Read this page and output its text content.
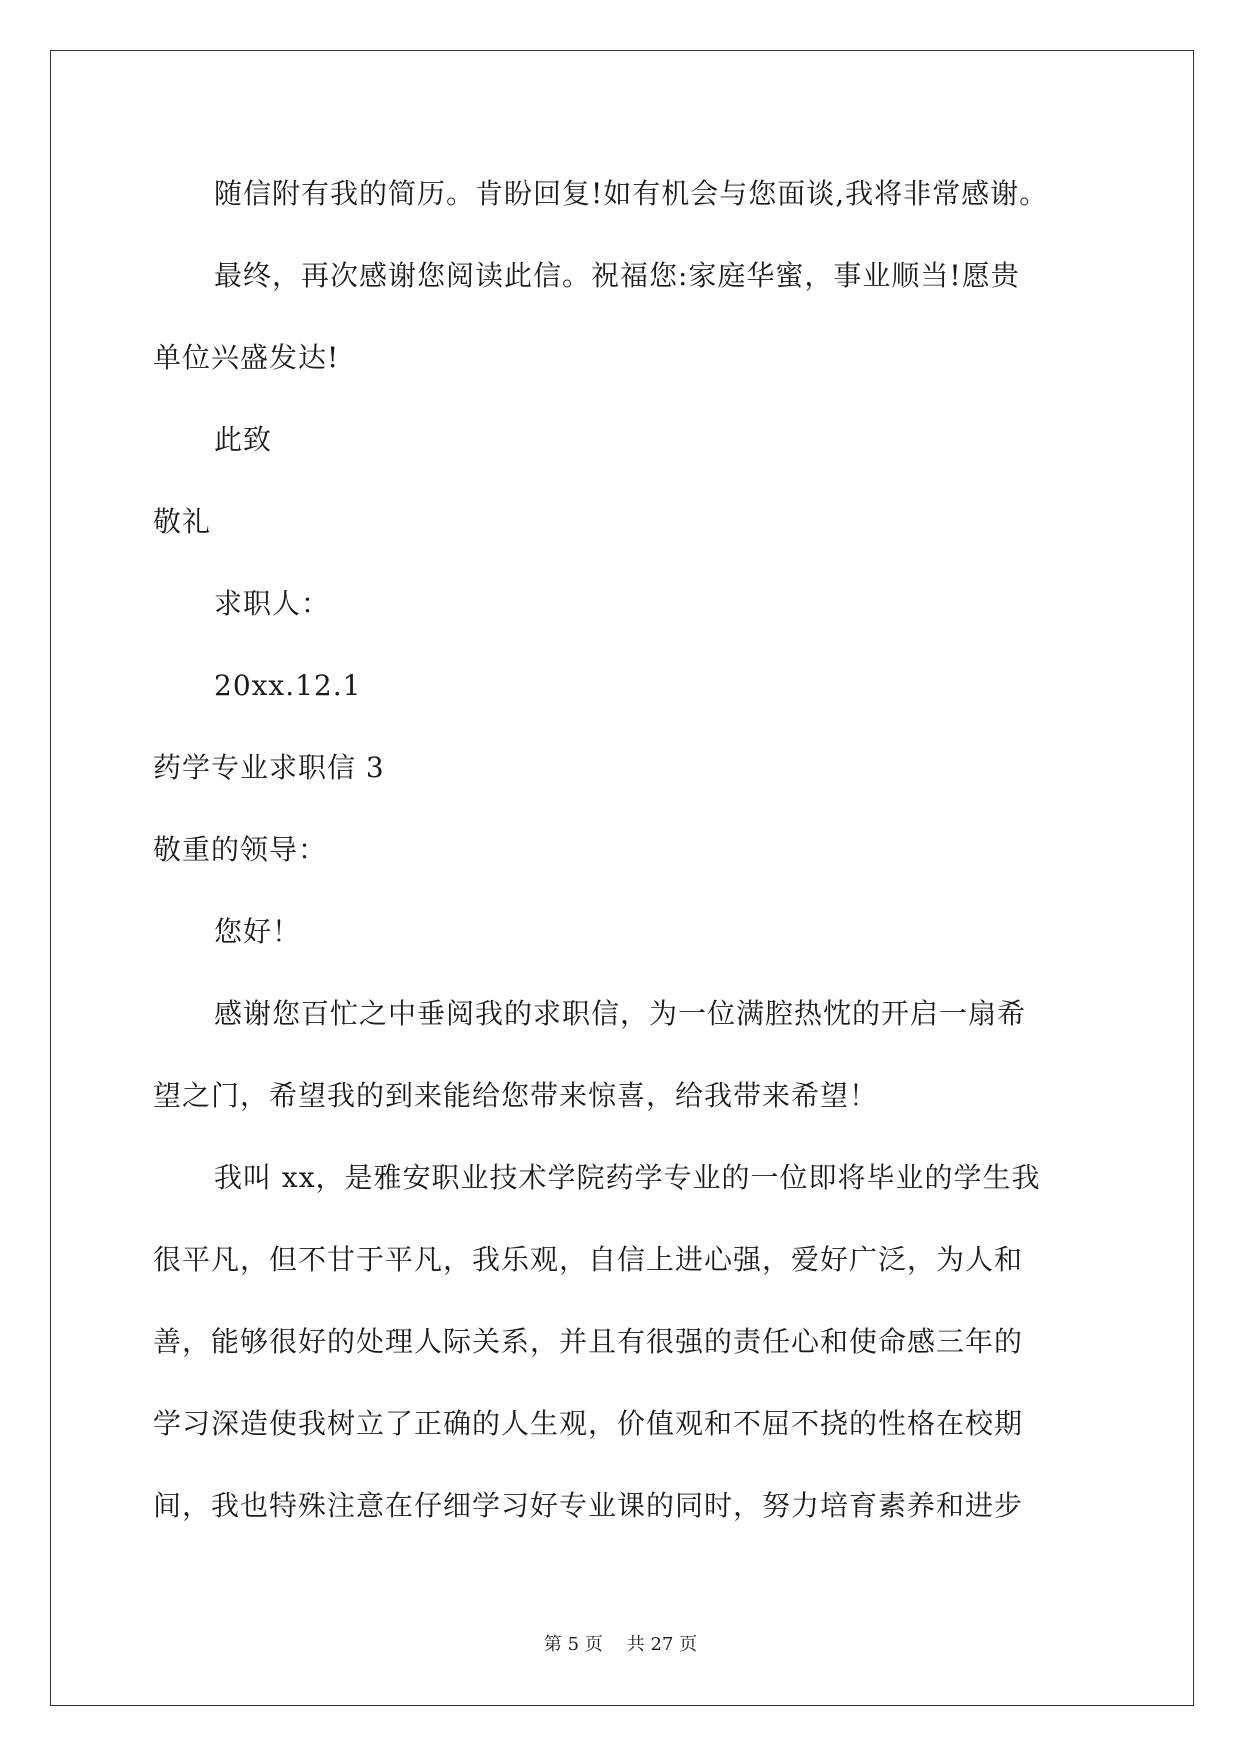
随信附有我的简历。肯盼回复!如有机会与您面谈,我将非常感谢。

最终，再次感谢您阅读此信。祝福您:家庭华蜜，事业顺当!愿贵

单位兴盛发达!

此致

敬礼

求职人：

20xx.12.1

药学专业求职信 3

敬重的领导：

您好！

感谢您百忙之中垂阅我的求职信，为一位满腔热忱的开启一扇希

望之门，希望我的到来能给您带来惊喜，给我带来希望！

我叫 xx，是雅安职业技术学院药学专业的一位即将毕业的学生我

很平凡，但不甘于平凡，我乐观，自信上进心强，爱好广泛，为人和

善，能够很好的处理人际关系，并且有很强的责任心和使命感三年的

学习深造使我树立了正确的人生观，价值观和不屈不挠的性格在校期

间，我也特殊注意在仔细学习好专业课的同时，努力培育素养和进步

第 5 页 共 27 页
